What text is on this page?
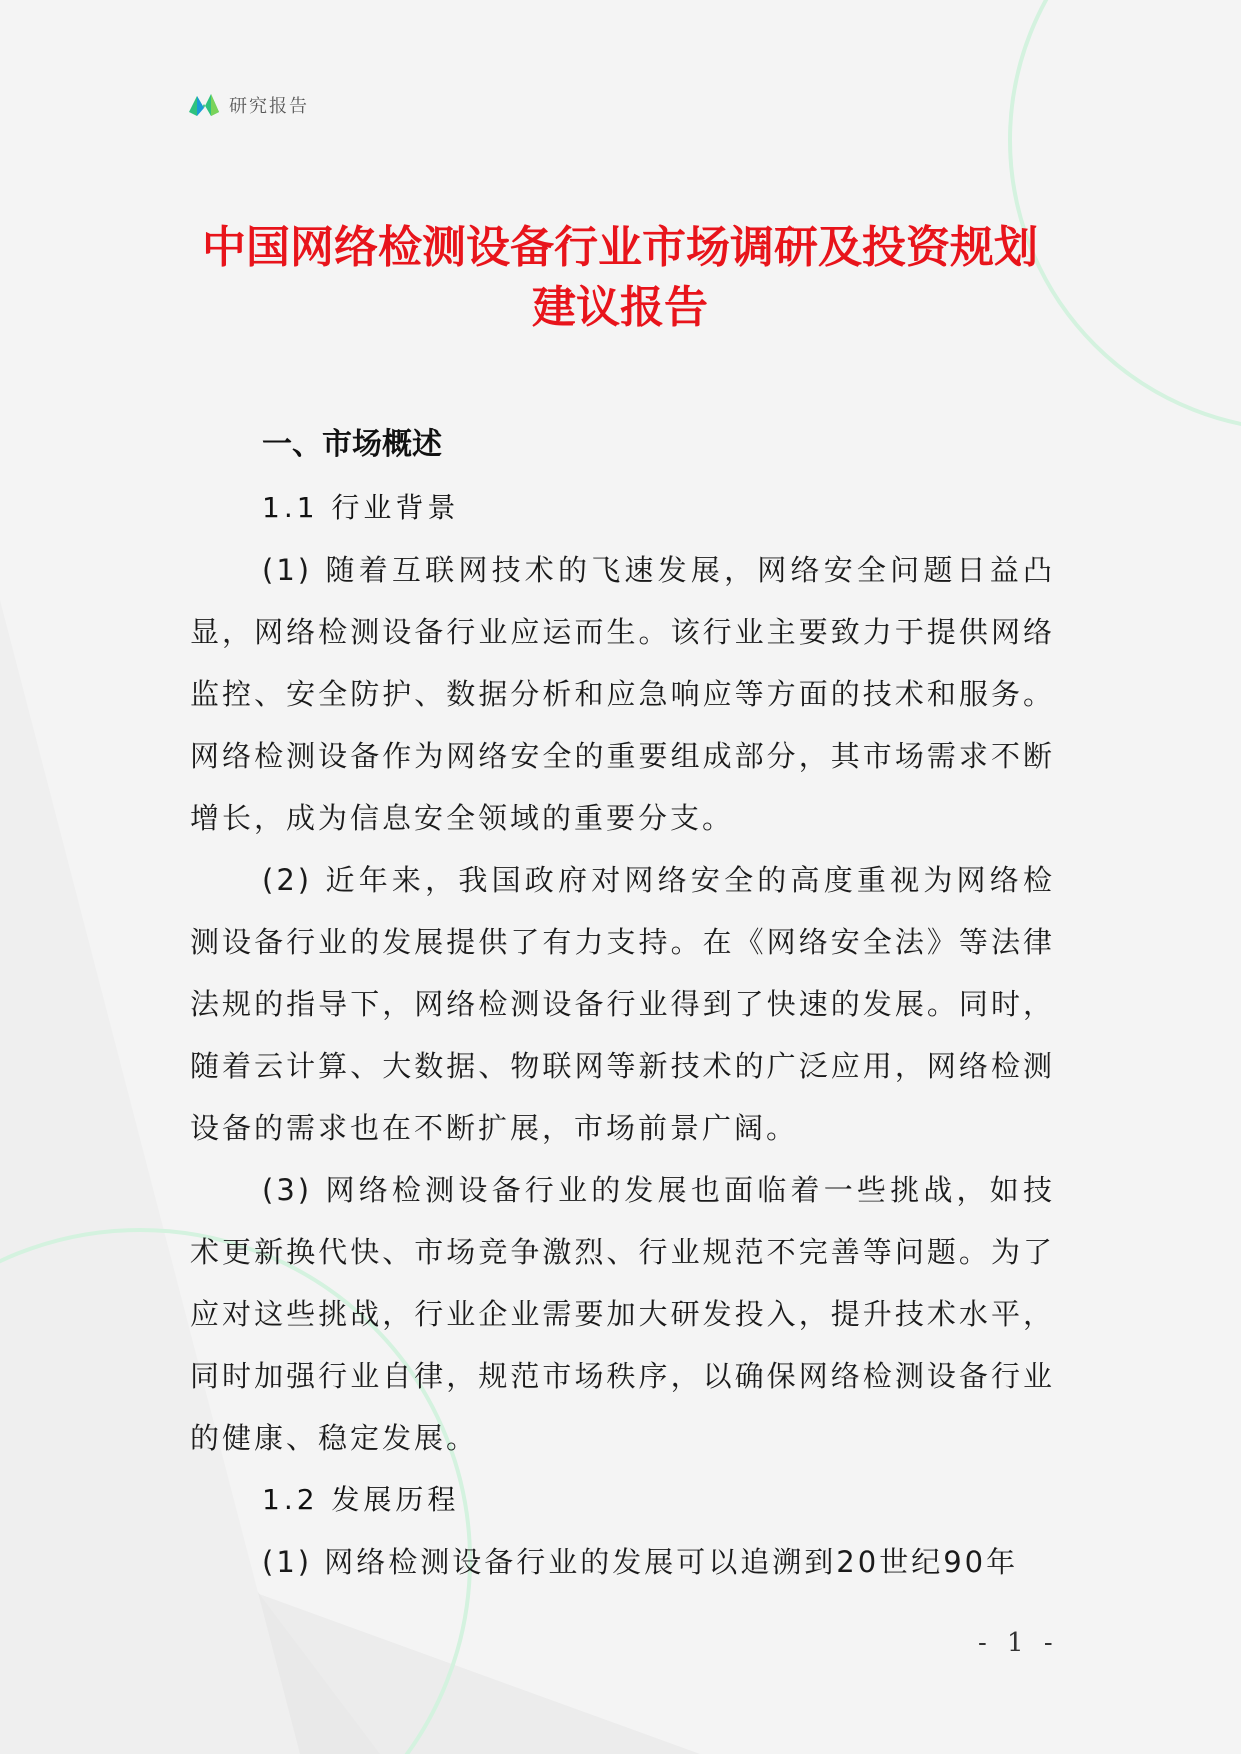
研究报告
中国网络检测设备行业市场调研及投资规划建议报告
一、市场概述
1.1 行业背景

(1) 随着互联网技术的飞速发展，网络安全问题日益凸显，网络检测设备行业应运而生。该行业主要致力于提供网络监控、安全防护、数据分析和应急响应等方面的技术和服务。网络检测设备作为网络安全的重要组成部分，其市场需求不断增长，成为信息安全领域的重要分支。

(2) 近年来，我国政府对网络安全的高度重视为网络检测设备行业的发展提供了有力支持。在《网络安全法》等法律法规的指导下，网络检测设备行业得到了快速的发展。同时，随着云计算、大数据、物联网等新技术的广泛应用，网络检测设备的需求也在不断扩展，市场前景广阔。

(3) 网络检测设备行业的发展也面临着一些挑战，如技术更新换代快、市场竞争激烈、行业规范不完善等问题。为了应对这些挑战，行业企业需要加大研发投入，提升技术水平，同时加强行业自律，规范市场秩序，以确保网络检测设备行业的健康、稳定发展。

1.2 发展历程

(1) 网络检测设备行业的发展可以追溯到20世纪90年

- 1 -
